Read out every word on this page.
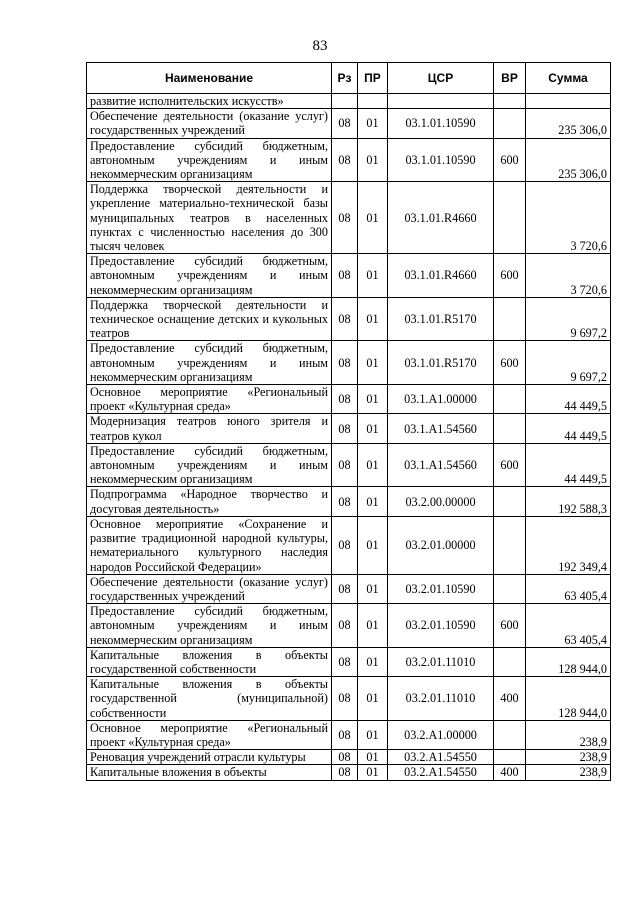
83
Наименование	Рз	ПР	ЦСР	ВР	Сумма
развитие исполнительских искусств»					
Обеспечение деятельности (оказание услуг) государственных учреждений	08	01	03.1.01.10590		235 306,0
Предоставление субсидий бюджетным, автономным учреждениям и иным некоммерческим организациям	08	01	03.1.01.10590	600	235 306,0
Поддержка творческой деятельности и укрепление материально-технической базы муниципальных театров в населенных пунктах с численностью населения до 300 тысяч человек	08	01	03.1.01.R4660		3 720,6
Предоставление субсидий бюджетным, автономным учреждениям и иным некоммерческим организациям	08	01	03.1.01.R4660	600	3 720,6
Поддержка творческой деятельности и техническое оснащение детских и кукольных театров	08	01	03.1.01.R5170		9 697,2
Предоставление субсидий бюджетным, автономным учреждениям и иным некоммерческим организациям	08	01	03.1.01.R5170	600	9 697,2
Основное мероприятие «Региональный проект «Культурная среда»	08	01	03.1.A1.00000		44 449,5
Модернизация театров юного зрителя и театров кукол	08	01	03.1.A1.54560		44 449,5
Предоставление субсидий бюджетным, автономным учреждениям и иным некоммерческим организациям	08	01	03.1.A1.54560	600	44 449,5
Подпрограмма «Народное творчество и досуговая деятельность»	08	01	03.2.00.00000		192 588,3
Основное мероприятие «Сохранение и развитие традиционной народной культуры, нематериального культурного наследия народов Российской Федерации»	08	01	03.2.01.00000		192 349,4
Обеспечение деятельности (оказание услуг) государственных учреждений	08	01	03.2.01.10590		63 405,4
Предоставление субсидий бюджетным, автономным учреждениям и иным некоммерческим организациям	08	01	03.2.01.10590	600	63 405,4
Капитальные вложения в объекты государственной собственности	08	01	03.2.01.11010		128 944,0
Капитальные вложения в объекты государственной (муниципальной) собственности	08	01	03.2.01.11010	400	128 944,0
Основное мероприятие «Региональный проект «Культурная среда»	08	01	03.2.A1.00000		238,9
Реновация учреждений отрасли культуры	08	01	03.2.A1.54550		238,9
Капитальные вложения в объекты	08	01	03.2.A1.54550	400	238,9
